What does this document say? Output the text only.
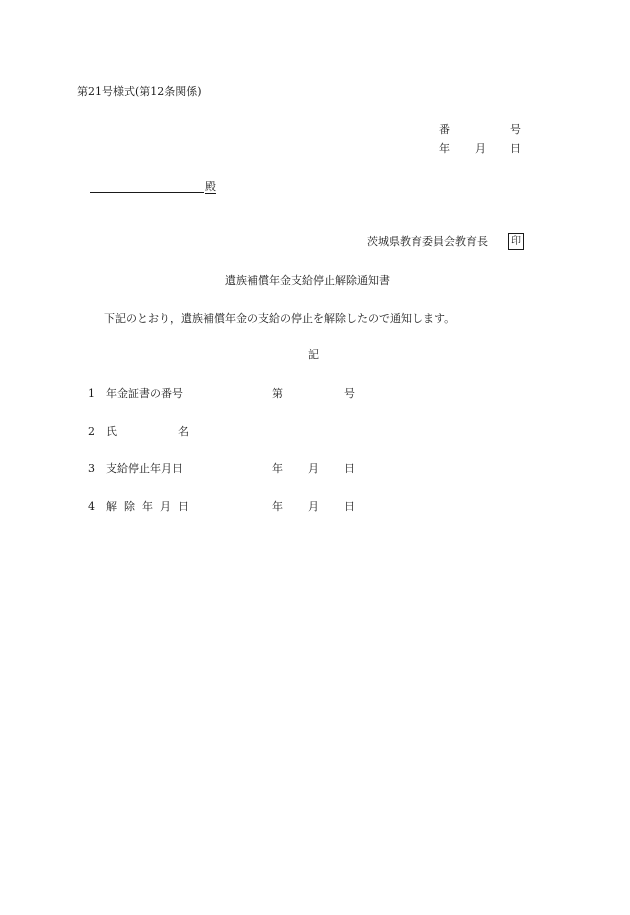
第21号様式(第12条関係)
番	号
年 月 日
殿
茨城県教育委員会教育長	印
遺族補償年金支給停止解除通知書
下記のとおり，遺族補償年金の支給の停止を解除したので通知します。
記
1 年金証書の番号	第	号
2 氏	名
3 支給停止年月日	年 月 日
4 解 除 年 月 日	年 月 日
